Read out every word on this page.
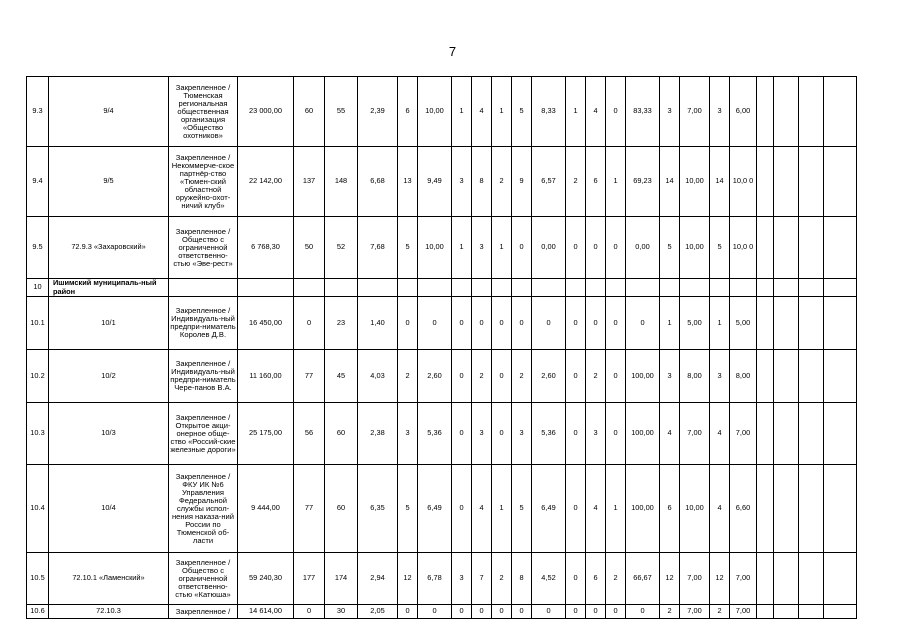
7
9.3	9/4	Закрепленное / Тюменская региональная общественная организация «Общество охотников»	23 000,00	60	55	2,39	6	10,00	1	4	1	5	8,33	1	4	0	83,33	3	7,00	3	6,00				
9.4	9/5	Закрепленное / Некоммерче-ское партнёр-ство «Тюмен-ский областной оружейно-охот-ничий клуб»	22 142,00	137	148	6,68	13	9,49	3	8	2	9	6,57	2	6	1	69,23	14	10,00	14	10,0 0				
9.5	72.9.3 «Захаровский»	Закрепленное / Общество с ограниченной ответственно-стью «Эве-рест»	6 768,30	50	52	7,68	5	10,00	1	3	1	0	0,00	0	0	0	0,00	5	10,00	5	10,0 0				
10	Ишимский муниципаль-ный район																								
10.1	10/1	Закрепленное / Индивидуаль-ный предпри-ниматель Королев Д.В.	16 450,00	0	23	1,40	0	0	0	0	0	0	0	0	0	0	0	1	5,00	1	5,00				
10.2	10/2	Закрепленное / Индивидуаль-ный предпри-ниматель Чере-панов В.А.	11 160,00	77	45	4,03	2	2,60	0	2	0	2	2,60	0	2	0	100,00	3	8,00	3	8,00				
10.3	10/3	Закрепленное / Открытое акци-онерное обще-ство «Россий-ские железные дороги»	25 175,00	56	60	2,38	3	5,36	0	3	0	3	5,36	0	3	0	100,00	4	7,00	4	7,00				
10.4	10/4	Закрепленное / ФКУ ИК №6 Управления Федеральной службы испол-нения наказа-ний России по Тюменской об-ласти	9 444,00	77	60	6,35	5	6,49	0	4	1	5	6,49	0	4	1	100,00	6	10,00	4	6,60				
10.5	72.10.1 «Ламенский»	Закрепленное / Общество с ограниченной ответственно-стью «Катюша»	59 240,30	177	174	2,94	12	6,78	3	7	2	8	4,52	0	6	2	66,67	12	7,00	12	7,00				
10.6	72.10.3	Закрепленное /	14 614,00	0	30	2,05	0	0	0	0	0	0	0	0	0	0	0	2	7,00	2	7,00				
